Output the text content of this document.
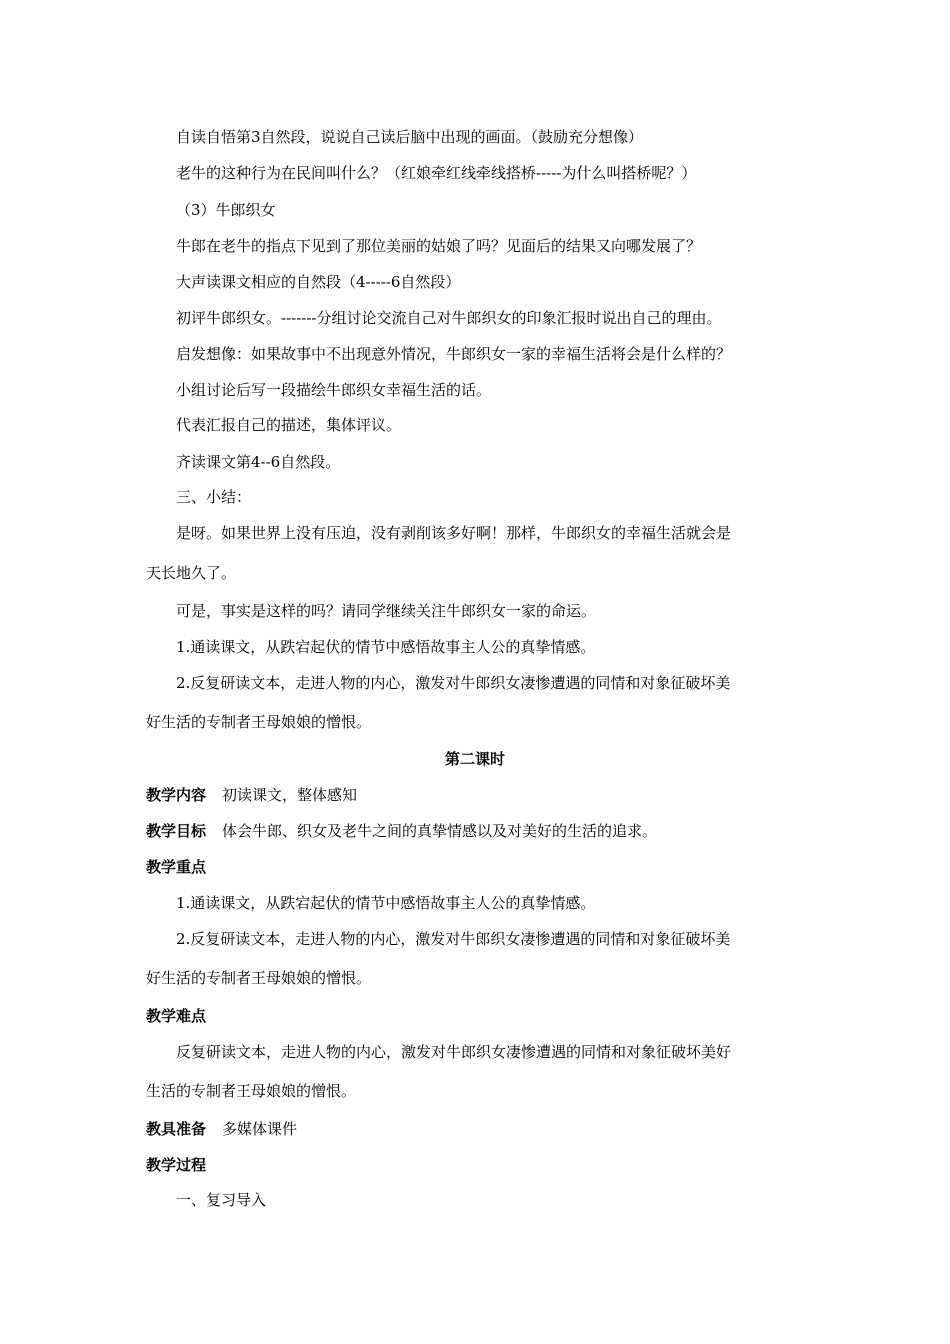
自读自悟第3自然段，说说自己读后脑中出现的画面。（鼓励充分想像）
老牛的这种行为在民间叫什么？（红娘牵红线牵线搭桥-----为什么叫搭桥呢？）
（3）牛郎织女
牛郎在老牛的指点下见到了那位美丽的姑娘了吗？见面后的结果又向哪发展了？
大声读课文相应的自然段（4-----6自然段）
初评牛郎织女。-------分组讨论交流自己对牛郎织女的印象汇报时说出自己的理由。
启发想像：如果故事中不出现意外情况，牛郎织女一家的幸福生活将会是什么样的？
小组讨论后写一段描绘牛郎织女幸福生活的话。
代表汇报自己的描述，集体评议。
齐读课文第4--6自然段。
三、小结：
是呀。如果世界上没有压迫，没有剥削该多好啊！那样，牛郎织女的幸福生活就会是
天长地久了。
可是，事实是这样的吗？请同学继续关注牛郎织女一家的命运。
1.通读课文，从跌宕起伏的情节中感悟故事主人公的真挚情感。
2.反复研读文本，走进人物的内心，激发对牛郎织女凄惨遭遇的同情和对象征破坏美
好生活的专制者王母娘娘的憎恨。
第二课时
教学内容 初读课文，整体感知
教学目标 体会牛郎、织女及老牛之间的真挚情感以及对美好的生活的追求。
教学重点
1.通读课文，从跌宕起伏的情节中感悟故事主人公的真挚情感。
2.反复研读文本，走进人物的内心，激发对牛郎织女凄惨遭遇的同情和对象征破坏美
好生活的专制者王母娘娘的憎恨。
教学难点
反复研读文本，走进人物的内心，激发对牛郎织女凄惨遭遇的同情和对象征破坏美好
生活的专制者王母娘娘的憎恨。
教具准备 多媒体课件
教学过程
一、复习导入
